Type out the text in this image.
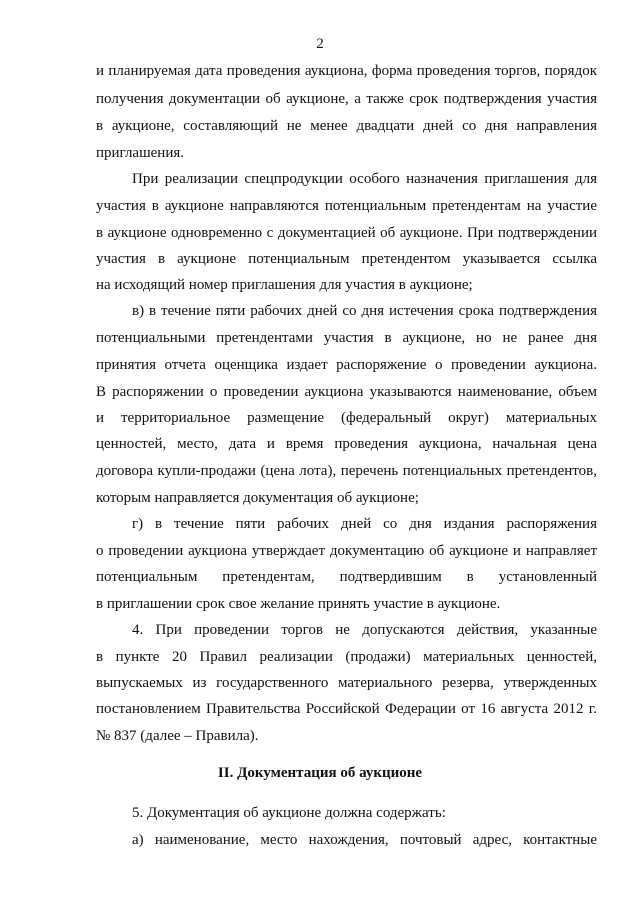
2
и планируемая дата проведения аукциона, форма проведения торгов, порядок
получения документации об аукционе, а также срок подтверждения участия
в аукционе, составляющий не менее двадцати дней со дня направления
приглашения.
При реализации спецпродукции особого назначения приглашения для
участия в аукционе направляются потенциальным претендентам на участие
в аукционе одновременно с документацией об аукционе. При подтверждении
участия в аукционе потенциальным претендентом указывается ссылка
на исходящий номер приглашения для участия в аукционе;
в) в течение пяти рабочих дней со дня истечения срока подтверждения
потенциальными претендентами участия в аукционе, но не ранее дня
принятия отчета оценщика издает распоряжение о проведении аукциона.
В распоряжении о проведении аукциона указываются наименование, объем
и территориальное размещение (федеральный округ) материальных
ценностей, место, дата и время проведения аукциона, начальная цена
договора купли-продажи (цена лота), перечень потенциальных претендентов,
которым направляется документация об аукционе;
г) в течение пяти рабочих дней со дня издания распоряжения
о проведении аукциона утверждает документацию об аукционе и направляет
потенциальным претендентам, подтвердившим в установленный
в приглашении срок свое желание принять участие в аукционе.
4. При проведении торгов не допускаются действия, указанные
в пункте 20 Правил реализации (продажи) материальных ценностей,
выпускаемых из государственного материального резерва, утвержденных
постановлением Правительства Российской Федерации от 16 августа 2012 г.
№ 837 (далее – Правила).
II. Документация об аукционе
5. Документация об аукционе должна содержать:
а) наименование, место нахождения, почтовый адрес, контактные
